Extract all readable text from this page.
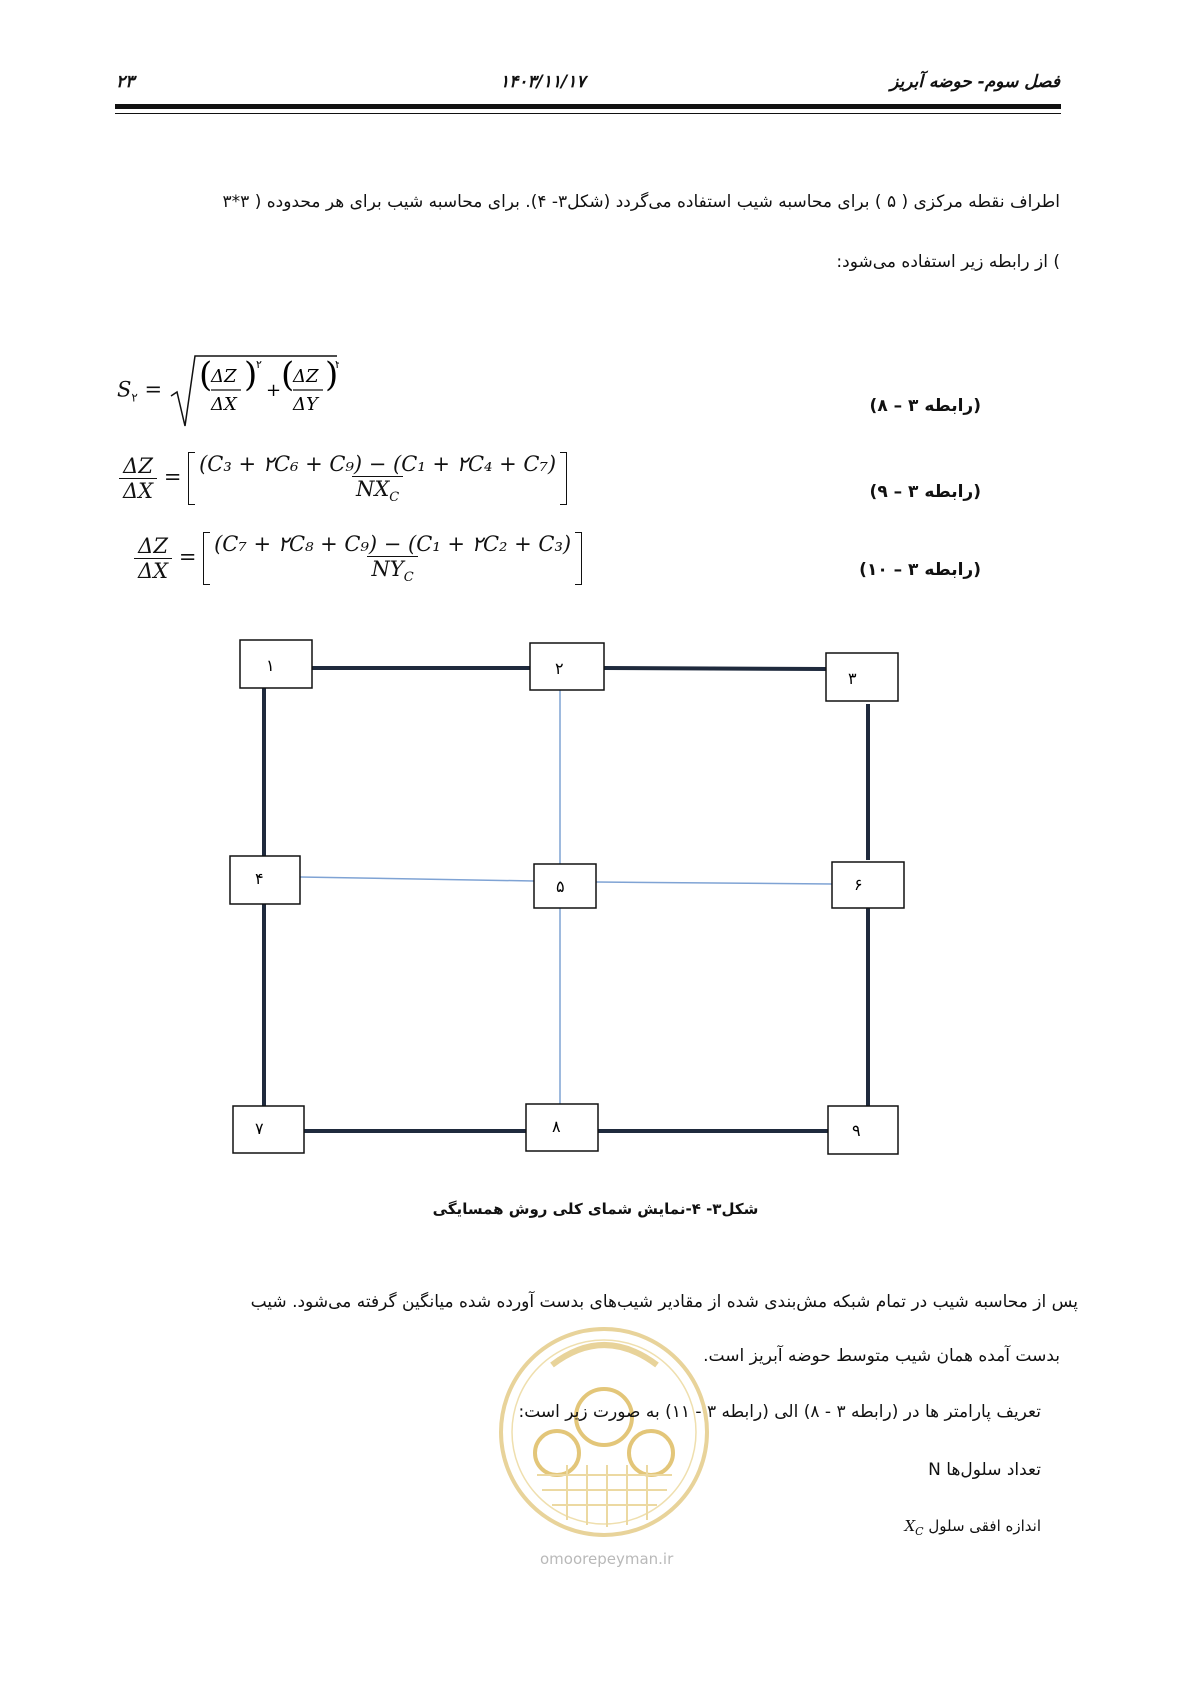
۲۳	۱۴۰۳/۱۱/۱۷	فصل سوم- حوضه آبریز
اطراف نقطه مرکزی ( ۵ ) برای محاسبه شیب استفاده می‌گردد (شکل۳- ۴). برای محاسبه شیب برای هر محدوده ( ۳*۳
) از رابطه زیر استفاده می‌شود:
$S_۲$ = (
ΔZ
ΔX
)
۲
+ (
ΔZ
ΔY
)
۲
(رابطه ۳ – ۸)
$\frac{\Delta Z}{\Delta X} = \frac{\text{(C₃ + ۲C₆ + C₉) − (C₁ + ۲C₄ + C₇)}}{NX_C}$	(رابطه ۳ – ۹)
$\frac{\Delta Z}{\Delta X} = \frac{\text{(C₇ + ۲C₈ + C₉) − (C₁ + ۲C₂ + C₃)}}{NY_C}$	(رابطه ۳ – ۱۰)
۱	۲
۳
۴	۵	۶
۷	۸	۹
شکل۳- ۴-نمایش شمای کلی روش همسایگی
omoorepeyman.ir
پس از محاسبه شیب در تمام شبکه مش‌بندی شده از مقادیر شیب‌های بدست آورده شده میانگین گرفته می‌شود. شیب
بدست آمده همان شیب متوسط حوضه آبریز است.
تعریف پارامتر ها در (رابطه ۳ - ۸) الی (رابطه ۳ - ۱۱) به صورت زیر است:
N تعداد سلول‌ها
$X_C$ اندازه افقی سلول
